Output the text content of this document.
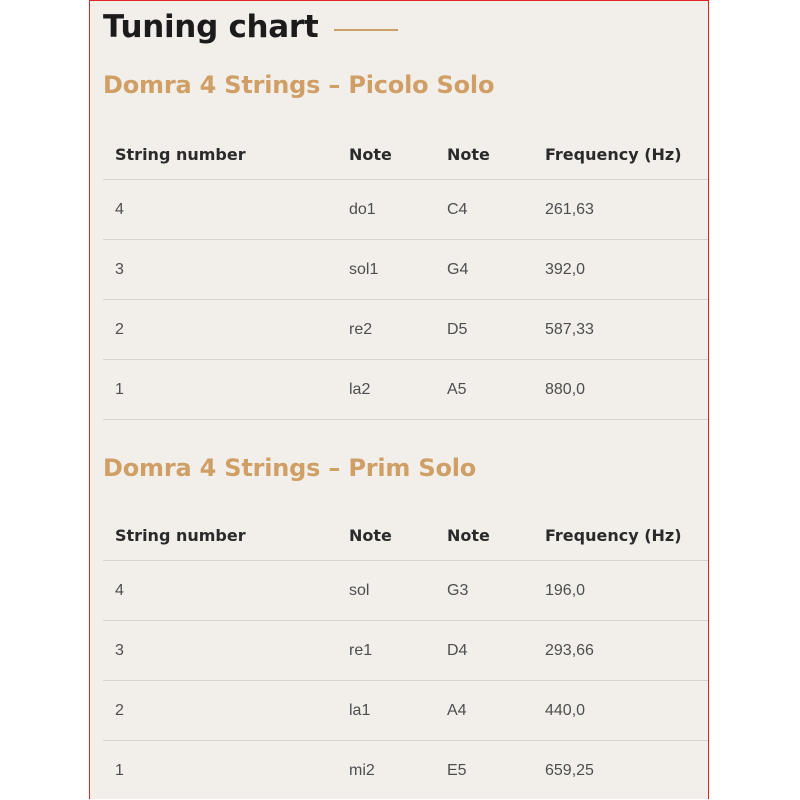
Tuning chart
Domra 4 Strings – Picolo Solo
String number	Note	Note	Frequency (Hz)
4	do1	C4	261,63
3	sol1	G4	392,0
2	re2	D5	587,33
1	la2	A5	880,0
Domra 4 Strings – Prim Solo
String number	Note	Note	Frequency (Hz)
4	sol	G3	196,0
3	re1	D4	293,66
2	la1	A4	440,0
1	mi2	E5	659,25
